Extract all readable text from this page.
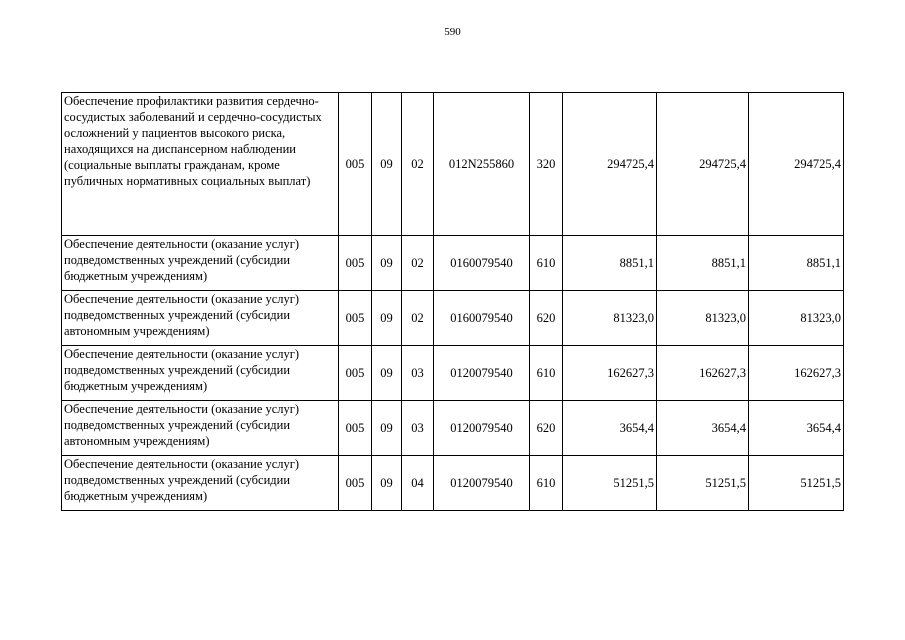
590
Обеспечение профилактики развития сердечно-сосудистых заболеваний и сердечно-сосудистых осложнений у пациентов высокого риска, находящихся на диспансерном наблюдении (социальные выплаты гражданам, кроме публичных нормативных социальных выплат)	005	09	02	012N255860	320	294725,4	294725,4	294725,4
Обеспечение деятельности (оказание услуг) подведомственных учреждений (субсидии бюджетным учреждениям)	005	09	02	0160079540	610	8851,1	8851,1	8851,1
Обеспечение деятельности (оказание услуг) подведомственных учреждений (субсидии автономным учреждениям)	005	09	02	0160079540	620	81323,0	81323,0	81323,0
Обеспечение деятельности (оказание услуг) подведомственных учреждений (субсидии бюджетным учреждениям)	005	09	03	0120079540	610	162627,3	162627,3	162627,3
Обеспечение деятельности (оказание услуг) подведомственных учреждений (субсидии автономным учреждениям)	005	09	03	0120079540	620	3654,4	3654,4	3654,4
Обеспечение деятельности (оказание услуг) подведомственных учреждений (субсидии бюджетным учреждениям)	005	09	04	0120079540	610	51251,5	51251,5	51251,5
